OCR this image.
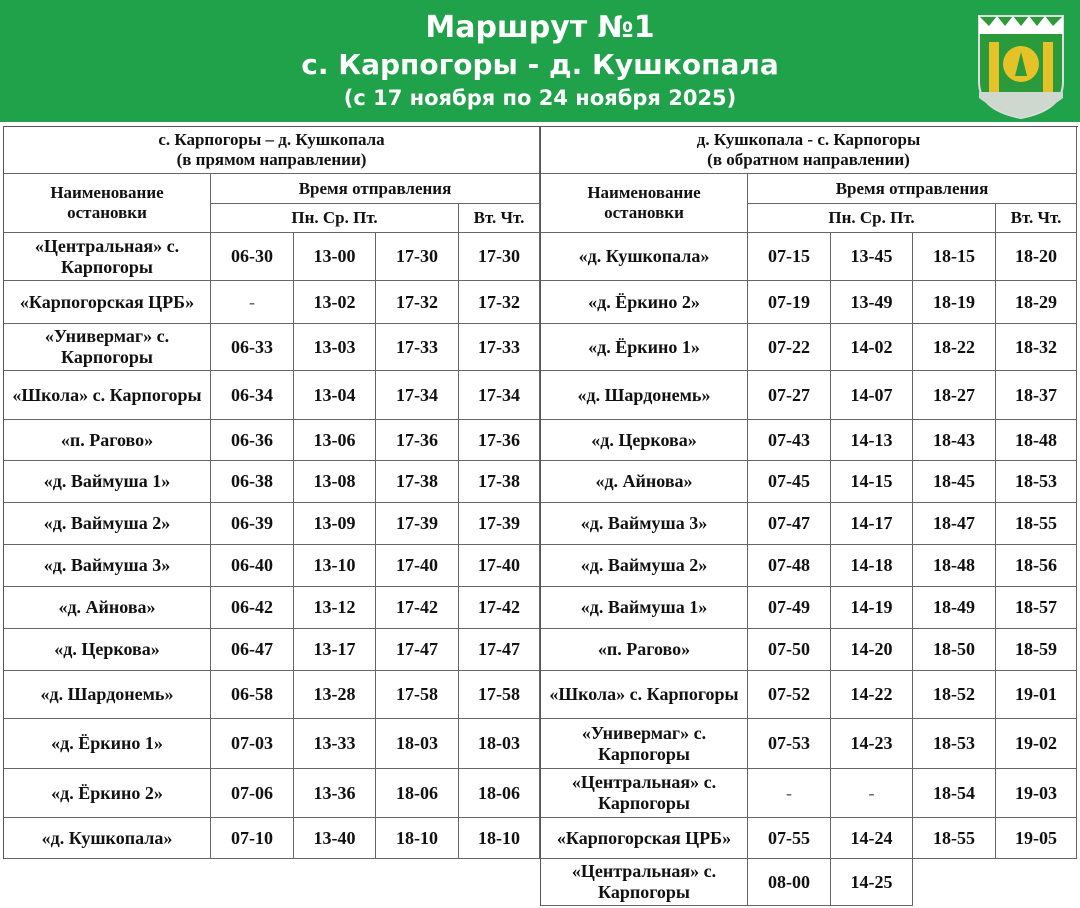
Маршрут №1
с. Карпогоры - д. Кушкопала
(с 17 ноября по 24 ноября 2025)
с. Карпогоры – д. Кушкопала
(в прямом направлении)
Наименование остановки
Время отправления
Пн. Ср. Пт.	Вт. Чт.
«Центральная» с. Карпогоры
06-30	13-00	17-30	17-30
«Карпогорская ЦРБ»	-	13-02	17-32	17-32
«Универмаг» с. Карпогоры
06-33	13-03	17-33	17-33
«Школа» с. Карпогоры	06-34	13-04	17-34	17-34
«п. Рагово»	06-36	13-06	17-36	17-36
«д. Ваймуша 1»	06-38	13-08	17-38	17-38
«д. Ваймуша 2»	06-39	13-09	17-39	17-39
«д. Ваймуша 3»	06-40	13-10	17-40	17-40
«д. Айнова»	06-42	13-12	17-42	17-42
«д. Церкова»	06-47	13-17	17-47	17-47
«д. Шардонемь»	06-58	13-28	17-58	17-58
«д. Ёркино 1»	07-03	13-33	18-03	18-03
«д. Ёркино 2»	07-06	13-36	18-06	18-06
«д. Кушкопала»	07-10	13-40	18-10	18-10
д. Кушкопала - с. Карпогоры
(в обратном направлении)
Наименование остановки
Время отправления
Пн. Ср. Пт.	Вт. Чт.
«д. Кушкопала»	07-15	13-45	18-15	18-20
«д. Ёркино 2»	07-19	13-49	18-19	18-29
«д. Ёркино 1»	07-22	14-02	18-22	18-32
«д. Шардонемь»	07-27	14-07	18-27	18-37
«д. Церкова»	07-43	14-13	18-43	18-48
«д. Айнова»	07-45	14-15	18-45	18-53
«д. Ваймуша 3»	07-47	14-17	18-47	18-55
«д. Ваймуша 2»	07-48	14-18	18-48	18-56
«д. Ваймуша 1»	07-49	14-19	18-49	18-57
«п. Рагово»	07-50	14-20	18-50	18-59
«Школа» с. Карпогоры	07-52	14-22	18-52	19-01
«Универмаг» с. Карпогоры
07-53	14-23	18-53	19-02
«Центральная» с. Карпогоры
-	-	18-54	19-03
«Карпогорская ЦРБ»	07-55	14-24	18-55	19-05
«Центральная» с. Карпогоры
08-00	14-25
